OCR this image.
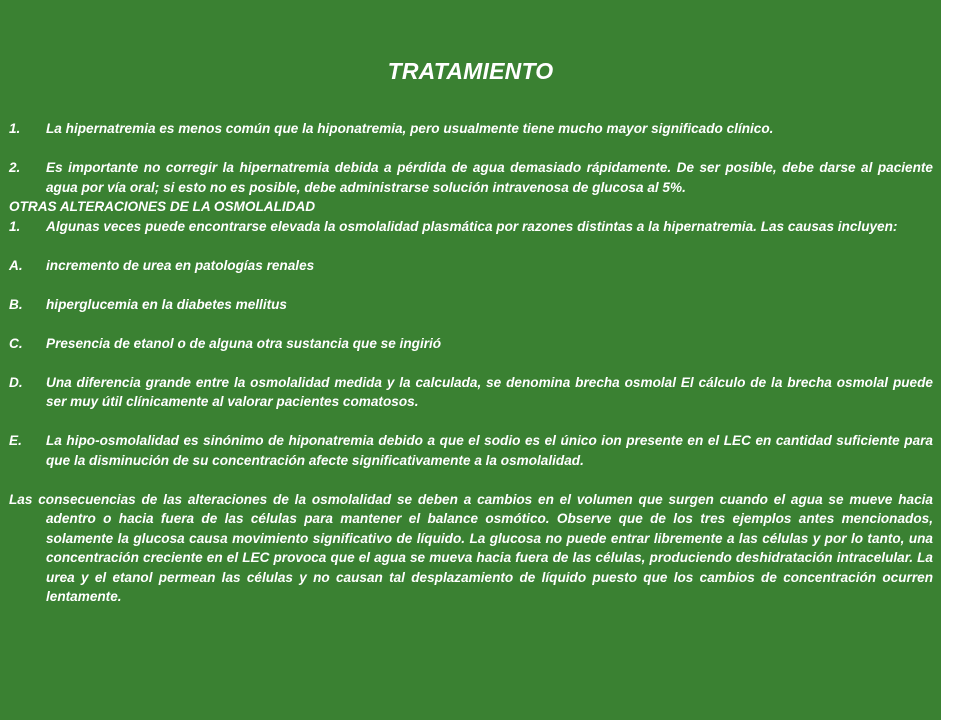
TRATAMIENTO
1.	La hipernatremia es menos común que la hiponatremia, pero usualmente tiene mucho mayor significado clínico.
2.	Es importante no corregir la hipernatremia debida a pérdida de agua demasiado rápidamente. De ser posible, debe darse al paciente agua por vía oral; si esto no es posible, debe administrarse solución intravenosa de glucosa al 5%.
OTRAS ALTERACIONES DE LA OSMOLALIDAD
1.	Algunas veces puede encontrarse elevada la osmolalidad plasmática por razones distintas a la hipernatremia. Las causas incluyen:
A.	incremento de urea en patologías renales
B.	hiperglucemia en la diabetes mellitus
C.	Presencia de etanol o de alguna otra sustancia que se ingirió
D.	Una diferencia grande entre la osmolalidad medida y la calculada, se denomina brecha osmolal El cálculo de la brecha osmolal puede ser muy útil clínicamente al valorar pacientes comatosos.
E.	La hipo-osmolalidad es sinónimo de hiponatremia debido a que el sodio es el único ion presente en el LEC en cantidad suficiente para que la disminución de su concentración afecte significativamente a la osmolalidad.
Las consecuencias de las alteraciones de la osmolalidad se deben a cambios en el volumen que surgen cuando el agua se mueve hacia adentro o hacia fuera de las células para mantener el balance osmótico. Observe que de los tres ejemplos antes mencionados, solamente la glucosa causa movimiento significativo de líquido. La glucosa no puede entrar libremente a las células y por lo tanto, una concentración creciente en el LEC provoca que el agua se mueva hacia fuera de las células, produciendo deshidratación intracelular. La urea y el etanol permean las células y no causan tal desplazamiento de líquido puesto que los cambios de concentración ocurren lentamente.
